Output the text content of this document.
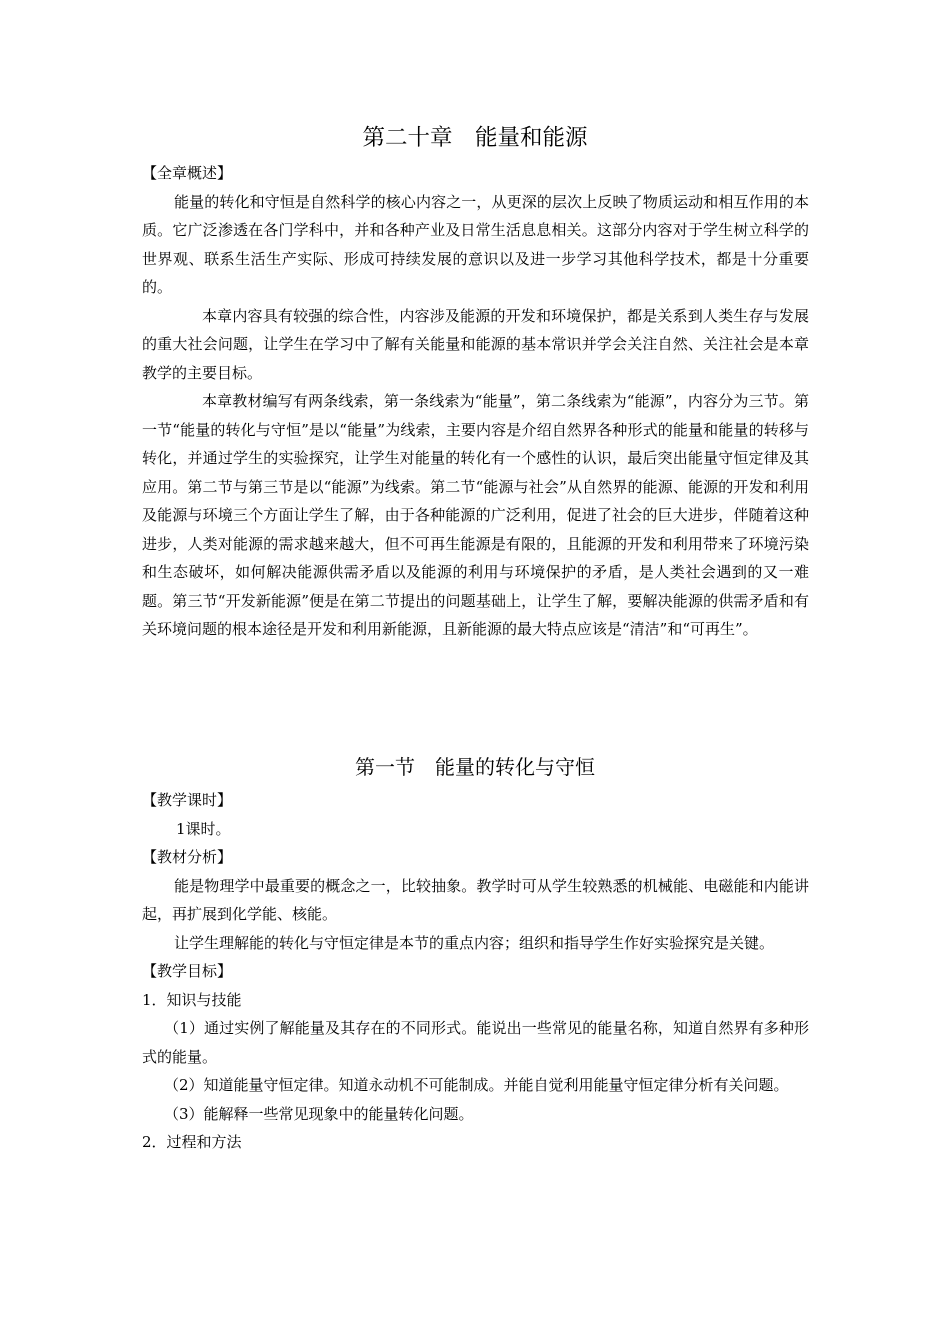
第二十章　能量和能源
【全章概述】
能量的转化和守恒是自然科学的核心内容之一，从更深的层次上反映了物质运动和相互作用的本质。它广泛渗透在各门学科中，并和各种产业及日常生活息息相关。这部分内容对于学生树立科学的世界观、联系生活生产实际、形成可持续发展的意识以及进一步学习其他科学技术，都是十分重要的。
本章内容具有较强的综合性，内容涉及能源的开发和环境保护，都是关系到人类生存与发展的重大社会问题，让学生在学习中了解有关能量和能源的基本常识并学会关注自然、关注社会是本章教学的主要目标。
本章教材编写有两条线索，第一条线索为“能量”，第二条线索为“能源”，内容分为三节。第一节“能量的转化与守恒”是以“能量”为线索，主要内容是介绍自然界各种形式的能量和能量的转移与转化，并通过学生的实验探究，让学生对能量的转化有一个感性的认识，最后突出能量守恒定律及其应用。第二节与第三节是以“能源”为线索。第二节“能源与社会”从自然界的能源、能源的开发和利用及能源与环境三个方面让学生了解，由于各种能源的广泛利用，促进了社会的巨大进步，伴随着这种进步，人类对能源的需求越来越大，但不可再生能源是有限的，且能源的开发和利用带来了环境污染和生态破坏，如何解决能源供需矛盾以及能源的利用与环境保护的矛盾，是人类社会遇到的又一难题。第三节“开发新能源”便是在第二节提出的问题基础上，让学生了解，要解决能源的供需矛盾和有关环境问题的根本途径是开发和利用新能源，且新能源的最大特点应该是“清洁”和“可再生”。
第一节　能量的转化与守恒
【教学课时】
1课时。
【教材分析】
能是物理学中最重要的概念之一，比较抽象。教学时可从学生较熟悉的机械能、电磁能和内能讲起，再扩展到化学能、核能。
让学生理解能的转化与守恒定律是本节的重点内容；组织和指导学生作好实验探究是关键。
【教学目标】
1．知识与技能
（1）通过实例了解能量及其存在的不同形式。能说出一些常见的能量名称，知道自然界有多种形式的能量。
（2）知道能量守恒定律。知道永动机不可能制成。并能自觉利用能量守恒定律分析有关问题。
（3）能解释一些常见现象中的能量转化问题。
2．过程和方法
